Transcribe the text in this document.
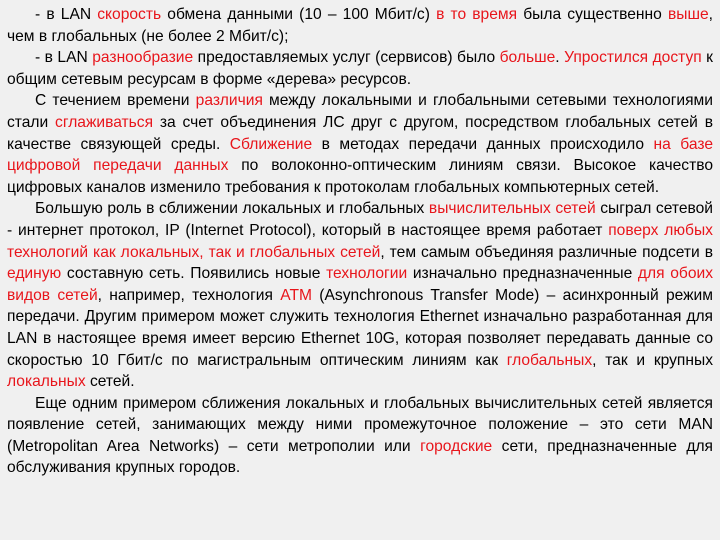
- в LAN скорость обмена данными (10 – 100 Мбит/с) в то время была существенно выше, чем в глобальных (не более 2 Мбит/с);

- в LAN разнообразие предоставляемых услуг (сервисов) было больше. Упростился доступ к общим сетевым ресурсам в форме «дерева» ресурсов.

С течением времени различия между локальными и глобальными сетевыми технологиями стали сглаживаться за счет объединения ЛС друг с другом, посредством глобальных сетей в качестве связующей среды. Сближение в методах передачи данных происходило на базе цифровой передачи данных по волоконно-оптическим линиям связи. Высокое качество цифровых каналов изменило требования к протоколам глобальных компьютерных сетей.

Большую роль в сближении локальных и глобальных вычислительных сетей сыграл сетевой - интернет протокол, IP (Internet Protocol), который в настоящее время работает поверх любых технологий как локальных, так и глобальных сетей, тем самым объединяя различные подсети в единую составную сеть. Появились новые технологии изначально предназначенные для обоих видов сетей, например, технология ATM (Asynchronous Transfer Mode) – асинхронный режим передачи. Другим примером может служить технология Ethernet изначально разработанная для LAN в настоящее время имеет версию Ethernet 10G, которая позволяет передавать данные со скоростью 10 Гбит/с по магистральным оптическим линиям как глобальных, так и крупных локальных сетей.

Еще одним примером сближения локальных и глобальных вычислительных сетей является появление сетей, занимающих между ними промежуточное положение – это сети MAN (Metropolitan Area Networks) – сети метрополии или городские сети, предназначенные для обслуживания крупных городов.
